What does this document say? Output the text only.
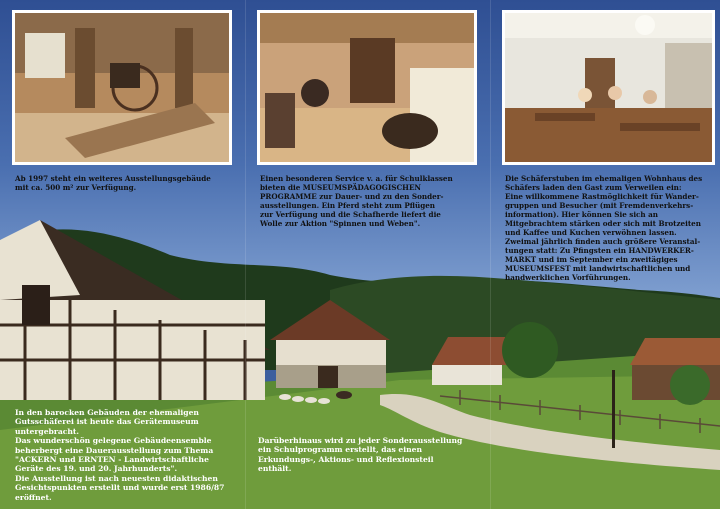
Ab 1997 steht ein weiteres Ausstellungsgebäude
mit ca. 500 m² zur Verfügung.

Einen besonderen Service v. a. für Schulklassen
bieten die MUSEUMSPÄDAGOGISCHEN
PROGRAMME zur Dauer- und zu den Sonder-
ausstellungen. Ein Pferd steht zum Pflügen
zur Verfügung und die Schafherde liefert die
Wolle zur Aktion "Spinnen und Weben".

Die Schäferstuben im ehemaligen Wohnhaus des
Schäfers laden den Gast zum Verweilen ein:
Eine willkommene Rastmöglichkeit für Wander-
gruppen und Besucher (mit Fremdenverkehrs-
information). Hier können Sie sich an
Mitgebrachtem stärken oder sich mit Brotzeiten
und Kaffee und Kuchen verwöhnen lassen.
Zweimal jährlich finden auch größere Veranstal-
tungen statt: Zu Pfingsten ein HANDWERKER-
MARKT und im September ein zweitägiges
MUSEUMSFEST mit landwirtschaftlichen und
handwerklichen Vorführungen.

In den barocken Gebäuden der ehemaligen
Gutsschäferei ist heute das Gerätemuseum
untergebracht.
Das wunderschön gelegene Gebäudeensemble
beherbergt eine Dauerausstellung zum Thema
"ACKERN und ERNTEN - Landwirtschaftliche
Geräte des 19. und 20. Jahrhunderts".
Die Ausstellung ist nach neuesten didaktischen
Gesichtspunkten erstellt und wurde erst 1986/87
eröffnet.

Darüberhinaus wird zu jeder Sonderausstellung
ein Schulprogramm erstellt, das einen
Erkundungs-, Aktions- und Reflexionsteil
enthält.
